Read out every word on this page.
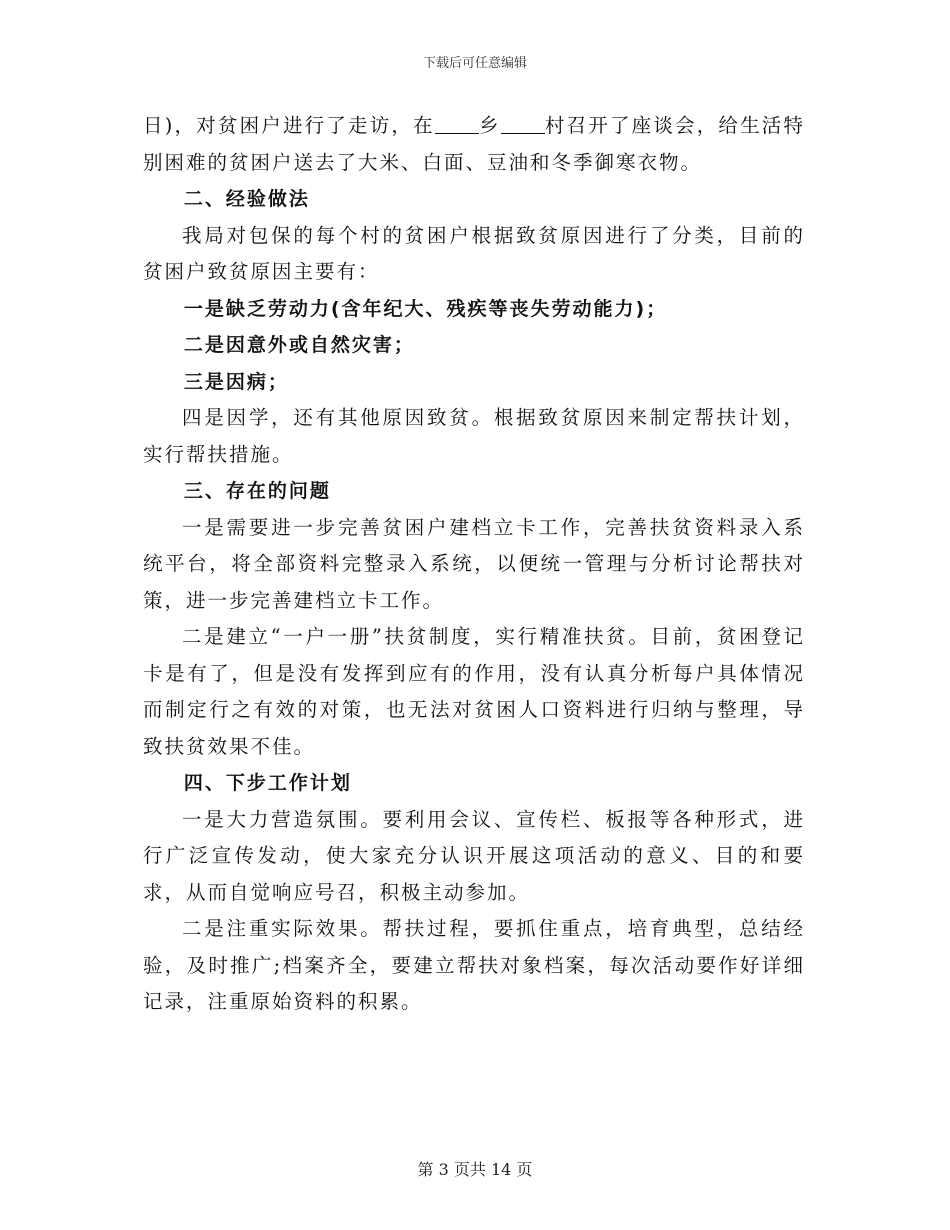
下载后可任意编辑

日)，对贫困户进行了走访，在 乡 村召开了座谈会，给生活特别困难的贫困户送去了大米、白面、豆油和冬季御寒衣物。

二、经验做法

我局对包保的每个村的贫困户根据致贫原因进行了分类，目前的贫困户致贫原因主要有：

一是缺乏劳动力(含年纪大、残疾等丧失劳动能力)；

二是因意外或自然灾害；

三是因病；

四是因学，还有其他原因致贫。根据致贫原因来制定帮扶计划，实行帮扶措施。

三、存在的问题

一是需要进一步完善贫困户建档立卡工作，完善扶贫资料录入系统平台，将全部资料完整录入系统，以便统一管理与分析讨论帮扶对策，进一步完善建档立卡工作。

二是建立“一户一册”扶贫制度，实行精准扶贫。目前，贫困登记卡是有了，但是没有发挥到应有的作用，没有认真分析每户具体情况而制定行之有效的对策，也无法对贫困人口资料进行归纳与整理，导致扶贫效果不佳。

四、下步工作计划

一是大力营造氛围。要利用会议、宣传栏、板报等各种形式，进行广泛宣传发动，使大家充分认识开展这项活动的意义、目的和要求，从而自觉响应号召，积极主动参加。

二是注重实际效果。帮扶过程，要抓住重点，培育典型，总结经验，及时推广;档案齐全，要建立帮扶对象档案，每次活动要作好详细记录，注重原始资料的积累。

第 3 页共 14 页
